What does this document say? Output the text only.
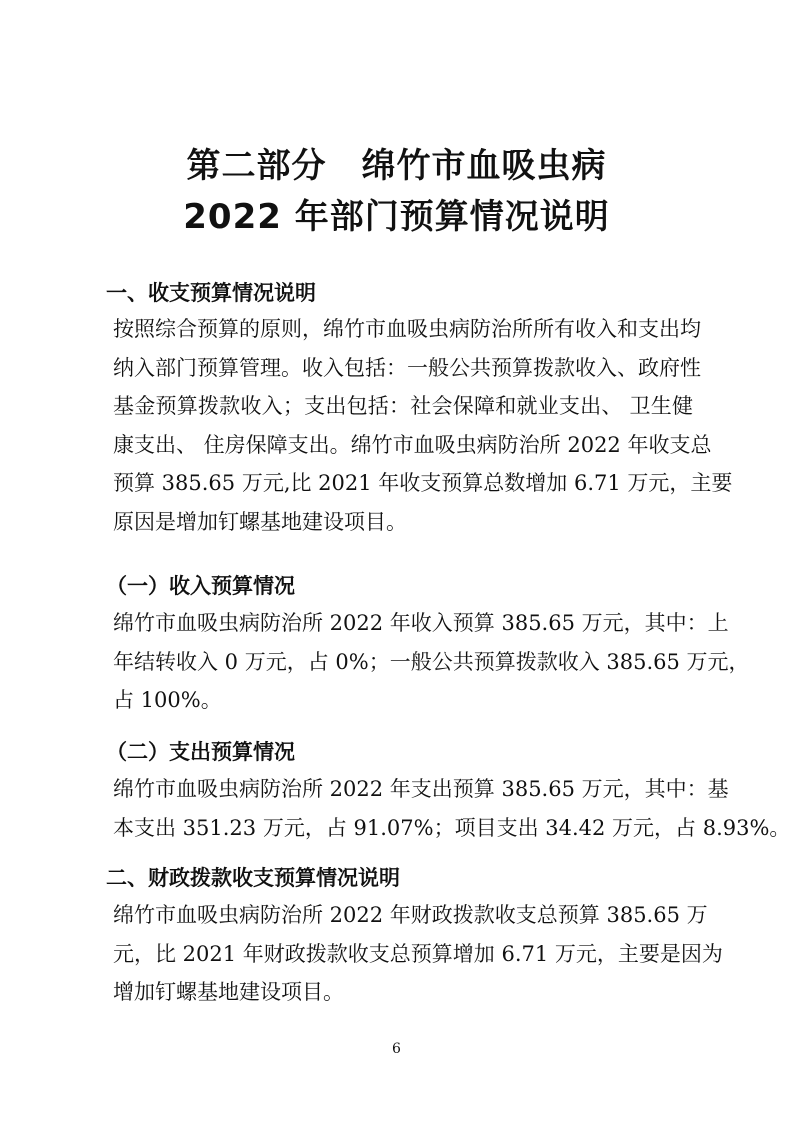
第二部分　绵竹市血吸虫病
2022 年部门预算情况说明
一、收支预算情况说明
按照综合预算的原则，绵竹市血吸虫病防治所所有收入和支出均
纳入部门预算管理。收入包括：一般公共预算拨款收入、政府性
基金预算拨款收入；支出包括：社会保障和就业支出、 卫生健
康支出、 住房保障支出。绵竹市血吸虫病防治所 2022 年收支总
预算 385.65 万元,比 2021 年收支预算总数增加 6.71 万元，主要
原因是增加钉螺基地建设项目。
（一）收入预算情况
绵竹市血吸虫病防治所 2022 年收入预算 385.65 万元，其中：上
年结转收入 0 万元，占 0%；一般公共预算拨款收入 385.65 万元，
占 100%。
（二）支出预算情况
绵竹市血吸虫病防治所 2022 年支出预算 385.65 万元，其中：基
本支出 351.23 万元，占 91.07%；项目支出 34.42 万元，占 8.93%。
二、财政拨款收支预算情况说明
绵竹市血吸虫病防治所 2022 年财政拨款收支总预算 385.65 万
元，比 2021 年财政拨款收支总预算增加 6.71 万元，主要是因为
增加钉螺基地建设项目。
6
